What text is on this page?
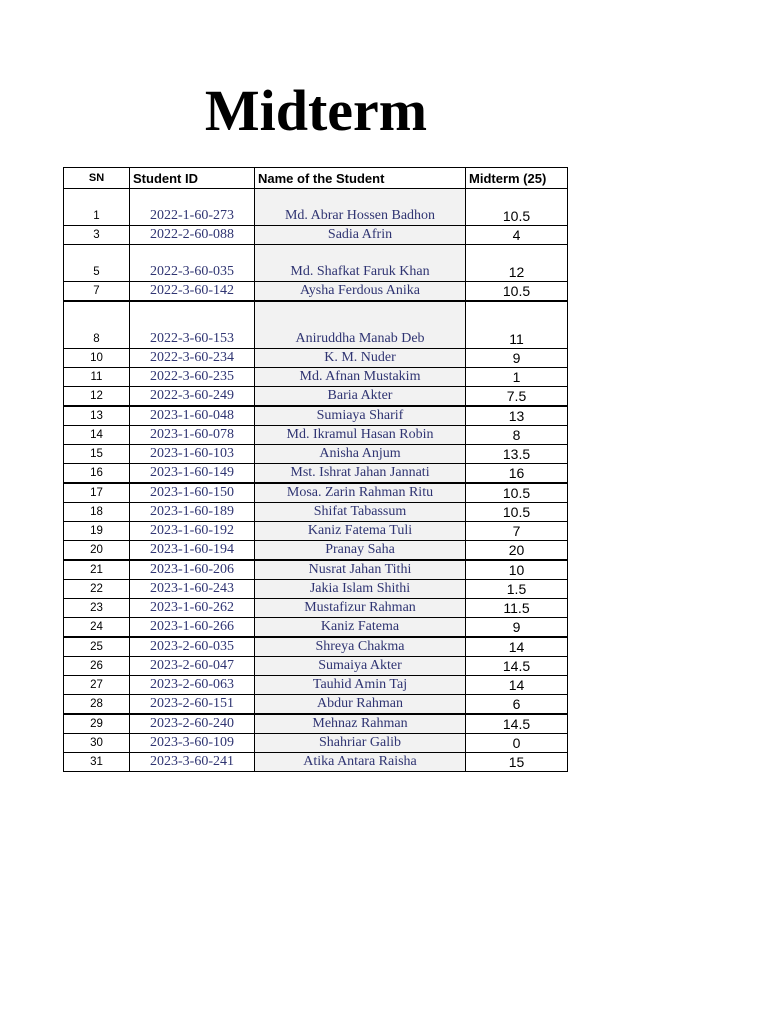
Midterm
SN	Student ID	Name of the Student	Midterm (25)
1	2022-1-60-273	Md. Abrar Hossen Badhon	10.5
3	2022-2-60-088	Sadia Afrin	4
5	2022-3-60-035	Md. Shafkat Faruk Khan	12
7	2022-3-60-142	Aysha Ferdous Anika	10.5
8	2022-3-60-153	Aniruddha Manab Deb	11
10	2022-3-60-234	K. M. Nuder	9
11	2022-3-60-235	Md. Afnan Mustakim	1
12	2022-3-60-249	Baria Akter	7.5
13	2023-1-60-048	Sumiaya Sharif	13
14	2023-1-60-078	Md. Ikramul Hasan Robin	8
15	2023-1-60-103	Anisha Anjum	13.5
16	2023-1-60-149	Mst. Ishrat Jahan Jannati	16
17	2023-1-60-150	Mosa. Zarin Rahman Ritu	10.5
18	2023-1-60-189	Shifat Tabassum	10.5
19	2023-1-60-192	Kaniz Fatema Tuli	7
20	2023-1-60-194	Pranay Saha	20
21	2023-1-60-206	Nusrat Jahan Tithi	10
22	2023-1-60-243	Jakia Islam Shithi	1.5
23	2023-1-60-262	Mustafizur Rahman	11.5
24	2023-1-60-266	Kaniz Fatema	9
25	2023-2-60-035	Shreya Chakma	14
26	2023-2-60-047	Sumaiya Akter	14.5
27	2023-2-60-063	Tauhid Amin Taj	14
28	2023-2-60-151	Abdur Rahman	6
29	2023-2-60-240	Mehnaz Rahman	14.5
30	2023-3-60-109	Shahriar Galib	0
31	2023-3-60-241	Atika Antara Raisha	15
